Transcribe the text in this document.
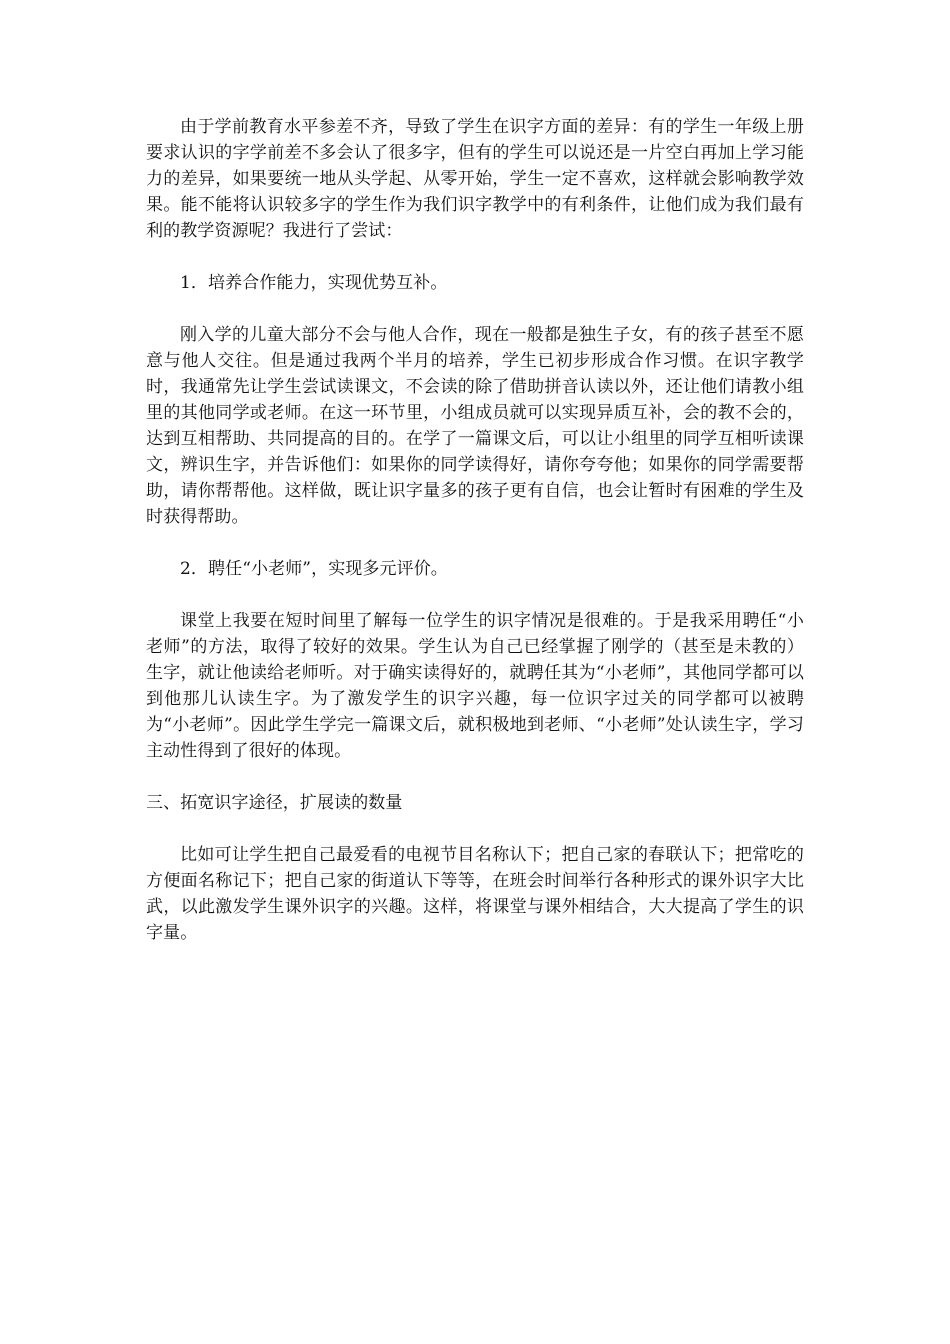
由于学前教育水平参差不齐，导致了学生在识字方面的差异：有的学生一年级上册要求认识的字学前差不多会认了很多字，但有的学生可以说还是一片空白再加上学习能力的差异，如果要统一地从头学起、从零开始，学生一定不喜欢，这样就会影响教学效果。能不能将认识较多字的学生作为我们识字教学中的有利条件，让他们成为我们最有利的教学资源呢？我进行了尝试：

1．培养合作能力，实现优势互补。

刚入学的儿童大部分不会与他人合作，现在一般都是独生子女，有的孩子甚至不愿意与他人交往。但是通过我两个半月的培养，学生已初步形成合作习惯。在识字教学时，我通常先让学生尝试读课文，不会读的除了借助拼音认读以外，还让他们请教小组里的其他同学或老师。在这一环节里，小组成员就可以实现异质互补，会的教不会的，达到互相帮助、共同提高的目的。在学了一篇课文后，可以让小组里的同学互相听读课文，辨识生字，并告诉他们：如果你的同学读得好，请你夸夸他；如果你的同学需要帮助，请你帮帮他。这样做，既让识字量多的孩子更有自信，也会让暂时有困难的学生及时获得帮助。

2．聘任“小老师”，实现多元评价。

课堂上我要在短时间里了解每一位学生的识字情况是很难的。于是我采用聘任“小老师”的方法，取得了较好的效果。学生认为自己已经掌握了刚学的（甚至是未教的）生字，就让他读给老师听。对于确实读得好的，就聘任其为“小老师”，其他同学都可以到他那儿认读生字。为了激发学生的识字兴趣，每一位识字过关的同学都可以被聘为“小老师”。因此学生学完一篇课文后，就积极地到老师、“小老师”处认读生字，学习主动性得到了很好的体现。

三、拓宽识字途径，扩展读的数量

比如可让学生把自己最爱看的电视节目名称认下；把自己家的春联认下；把常吃的方便面名称记下；把自己家的街道认下等等，在班会时间举行各种形式的课外识字大比武，以此激发学生课外识字的兴趣。这样，将课堂与课外相结合，大大提高了学生的识字量。
